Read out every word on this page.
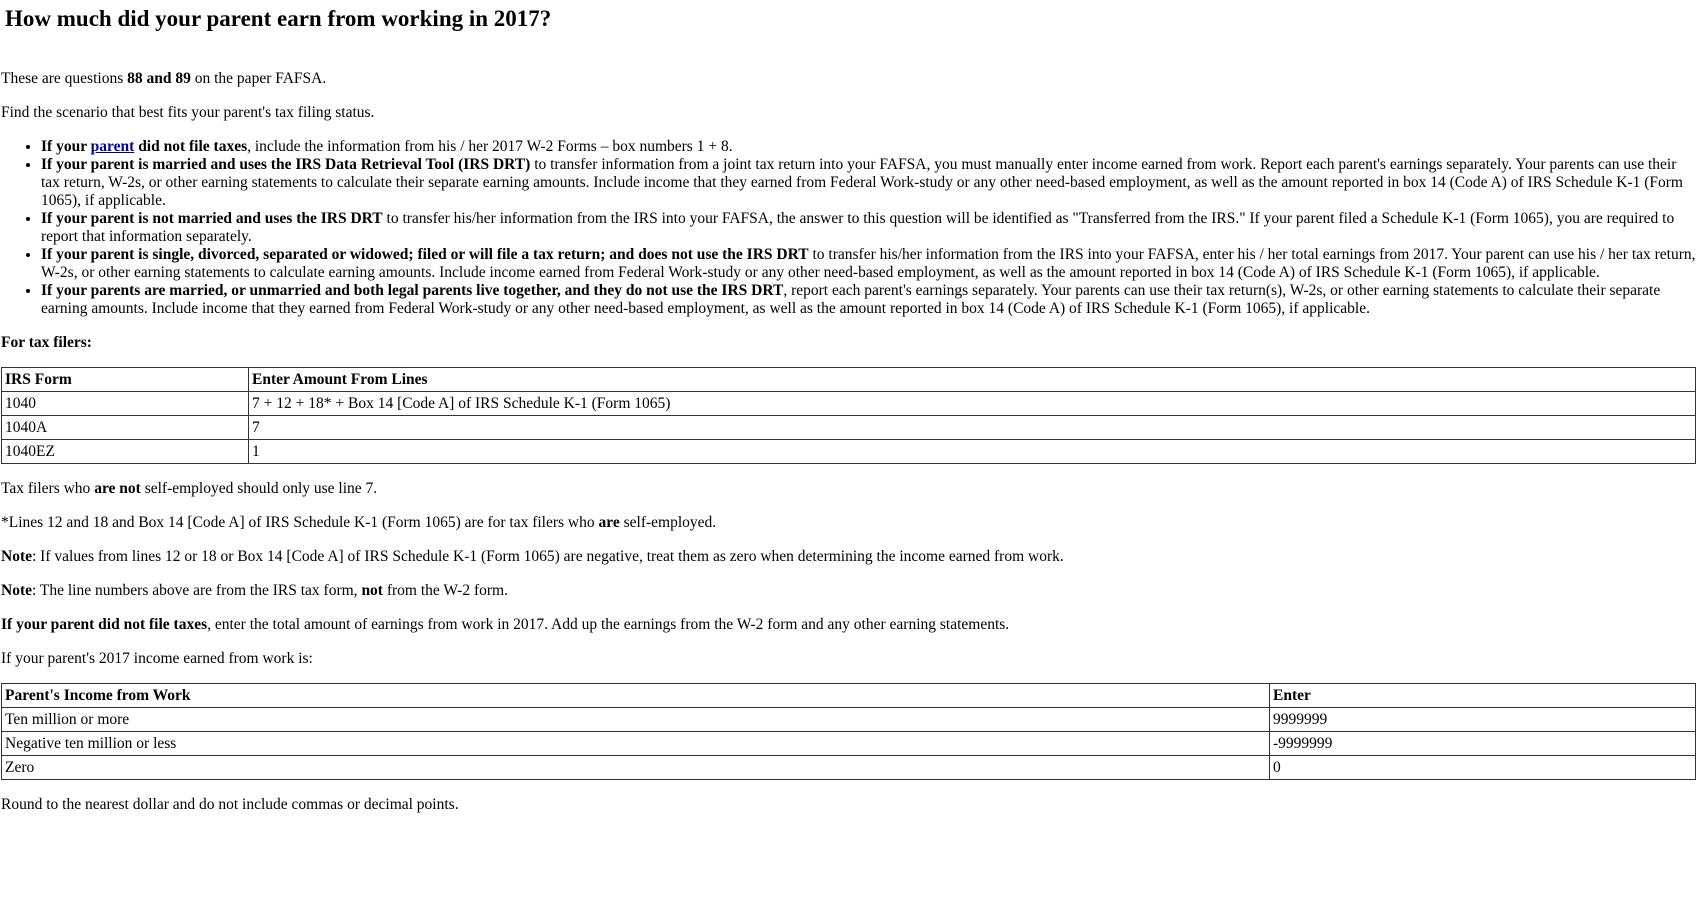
How much did your parent earn from working in 2017?

These are questions 88 and 89 on the paper FAFSA.

Find the scenario that best fits your parent's tax filing status.

• If your parent did not file taxes, include the information from his / her 2017 W-2 Forms – box numbers 1 + 8.
• If your parent is married and uses the IRS Data Retrieval Tool (IRS DRT) to transfer information from a joint tax return into your FAFSA, you must manually enter income earned from work. Report each parent's earnings separately. Your parents can use their tax return, W-2s, or other earning statements to calculate their separate earning amounts. Include income that they earned from Federal Work-study or any other need-based employment, as well as the amount reported in box 14 (Code A) of IRS Schedule K-1 (Form 1065), if applicable.
• If your parent is not married and uses the IRS DRT to transfer his/her information from the IRS into your FAFSA, the answer to this question will be identified as "Transferred from the IRS." If your parent filed a Schedule K-1 (Form 1065), you are required to report that information separately.
• If your parent is single, divorced, separated or widowed; filed or will file a tax return; and does not use the IRS DRT to transfer his/her information from the IRS into your FAFSA, enter his / her total earnings from 2017. Your parent can use his / her tax return, W-2s, or other earning statements to calculate earning amounts. Include income earned from Federal Work-study or any other need-based employment, as well as the amount reported in box 14 (Code A) of IRS Schedule K-1 (Form 1065), if applicable.
• If your parents are married, or unmarried and both legal parents live together, and they do not use the IRS DRT, report each parent's earnings separately. Your parents can use their tax return(s), W-2s, or other earning statements to calculate their separate earning amounts. Include income that they earned from Federal Work-study or any other need-based employment, as well as the amount reported in box 14 (Code A) of IRS Schedule K-1 (Form 1065), if applicable.

For tax filers:

IRS Form	Enter Amount From Lines
1040	7 + 12 + 18* + Box 14 [Code A] of IRS Schedule K-1 (Form 1065)
1040A	7
1040EZ	1

Tax filers who are not self-employed should only use line 7.

*Lines 12 and 18 and Box 14 [Code A] of IRS Schedule K-1 (Form 1065) are for tax filers who are self-employed.

Note: If values from lines 12 or 18 or Box 14 [Code A] of IRS Schedule K-1 (Form 1065) are negative, treat them as zero when determining the income earned from work.

Note: The line numbers above are from the IRS tax form, not from the W-2 form.

If your parent did not file taxes, enter the total amount of earnings from work in 2017. Add up the earnings from the W-2 form and any other earning statements.

If your parent's 2017 income earned from work is:

Parent's Income from Work	Enter
Ten million or more	9999999
Negative ten million or less	-9999999
Zero	0

Round to the nearest dollar and do not include commas or decimal points.
